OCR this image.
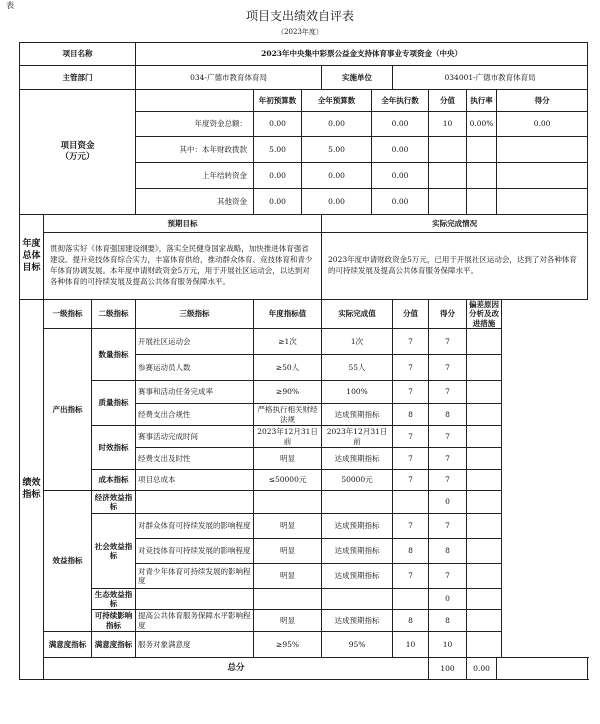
表
项目支出绩效自评表
（2023年度）
项目名称			2023年中央集中彩票公益金支持体育事业专项资金（中央）								
主管部门			034-广德市教育体育局			实施单位		034001-广德市教育体育局			

项目资金
（万元）				年初预算数	全年预算数		全年执行数		分值	执行率	得分
			年度资金总额：	0.00	0.00		0.00		10	0.00%	0.00
			其中：本年财政拨款	5.00	5.00		0.00				
			上年结转资金	0.00	0.00		0.00				
			其他资金	0.00	0.00		0.00				
年度总体目标	预期目标					实际完成情况					
	贯彻落实好《体育强国建设纲要》，落实全民健身国家战略，加快推进体育强省建设。提升竞技体育综合实力，丰富体育供给，推动群众体育、竞技体育和青少年体育协调发展。本年度申请财政资金5万元，用于开展社区运动会，以达到对各种体育的可持续发展及提高公共体育服务保障水平。					2023年度申请财政资金5万元，已用于开展社区运动会，达到了对各种体育的可持续发展及提高公共体育服务保障水平。					
绩效指标	一级指标	二级指标	三级指标	年度指标值		实际完成值		分值	得分	偏差原因分析及改进措施	
	产出指标	数量指标	开展社区运动会	≥1次		1次		7	7		
			参赛运动员人数	≥50人		55人		7	7		
		质量指标	赛事和活动任务完成率	≥90%		100%		7	7		
			经费支出合规性	严格执行相关财经法规		达成预期指标		8	8		
		时效指标	赛事活动完成时间	2023年12月31日前		2023年12月31日前		7	7		
			经费支出及时性	明显		达成预期指标		7	7		
		成本指标	项目总成本	≤50000元		50000元		7	7		
	效益指标	经济效益指标							0		
		社会效益指标	对群众体育可持续发展的影响程度	明显		达成预期指标		7	7		
			对竞技体育可持续发展的影响程度	明显		达成预期指标		8	8		
			对青少年体育可持续发展的影响程度	明显		达成预期指标		7	7		
		生态效益指标							0		
		可持续影响指标	提高公共体育服务保障水平影响程度	明显		达成预期指标		8	8		
	满意度指标	满意度指标	服务对象满意度	≥95%		95%		10	10		
	总分								100	0.00	
